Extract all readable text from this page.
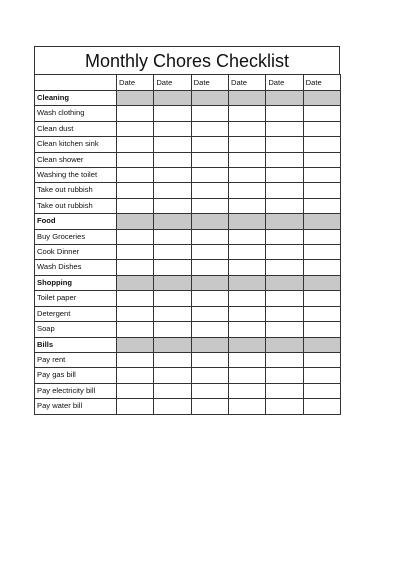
Monthly Chores Checklist
	Date	Date	Date	Date	Date	Date
Cleaning						
Wash clothing						
Clean dust						
Clean kitchen sink						
Clean shower						
Washing the toilet						
Take out rubbish						
Take out rubbish						
Food						
Buy Groceries						
Cook Dinner						
Wash Dishes						
Shopping						
Toilet paper						
Detergent						
Soap						
Bills						
Pay rent						
Pay gas bill						
Pay electricity bill						
Pay water bill						
